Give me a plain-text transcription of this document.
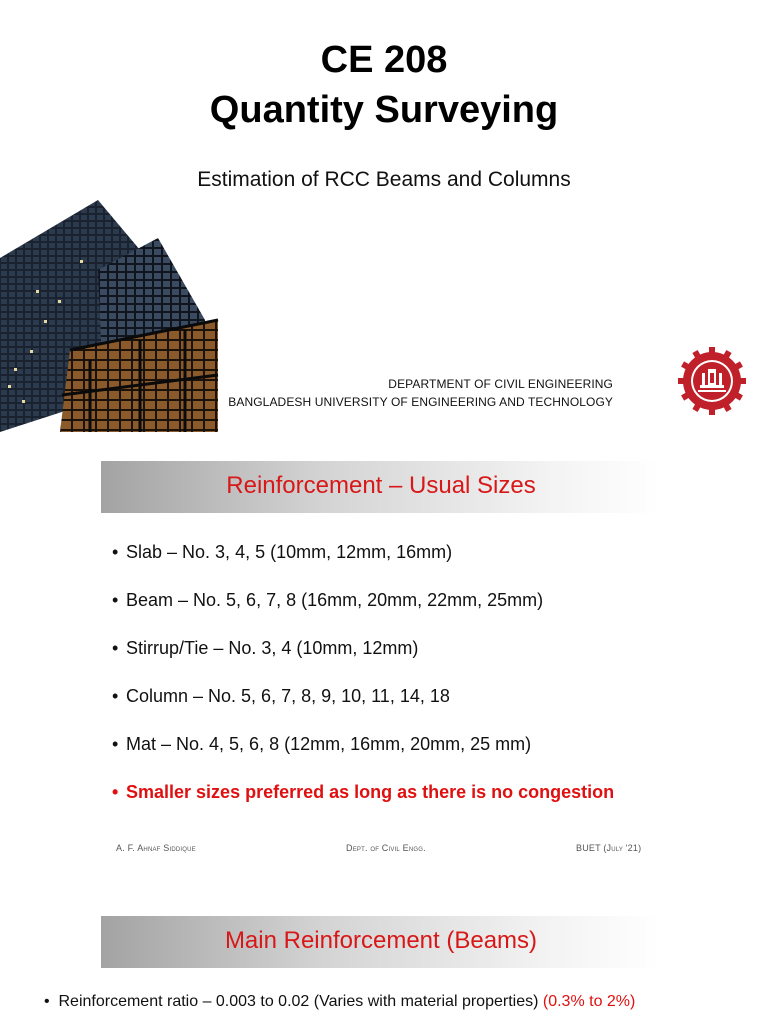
CE 208
Quantity Surveying
Estimation of RCC Beams and Columns
DEPARTMENT OF CIVIL ENGINEERING
BANGLADESH UNIVERSITY OF ENGINEERING AND TECHNOLOGY
Reinforcement – Usual Sizes
• Slab – No. 3, 4, 5 (10mm, 12mm, 16mm)
• Beam – No. 5, 6, 7, 8 (16mm, 20mm, 22mm, 25mm)
• Stirrup/Tie – No. 3, 4 (10mm, 12mm)
• Column – No. 5, 6, 7, 8, 9, 10, 11, 14, 18
• Mat – No. 4, 5, 6, 8 (12mm, 16mm, 20mm, 25 mm)
• Smaller sizes preferred as long as there is no congestion
A. F. Ahnaf Siddique	Dept. of Civil Engg.	BUET (July '21)
Main Reinforcement (Beams)
•  Reinforcement ratio – 0.003 to 0.02 (Varies with material properties) (0.3% to 2%)
